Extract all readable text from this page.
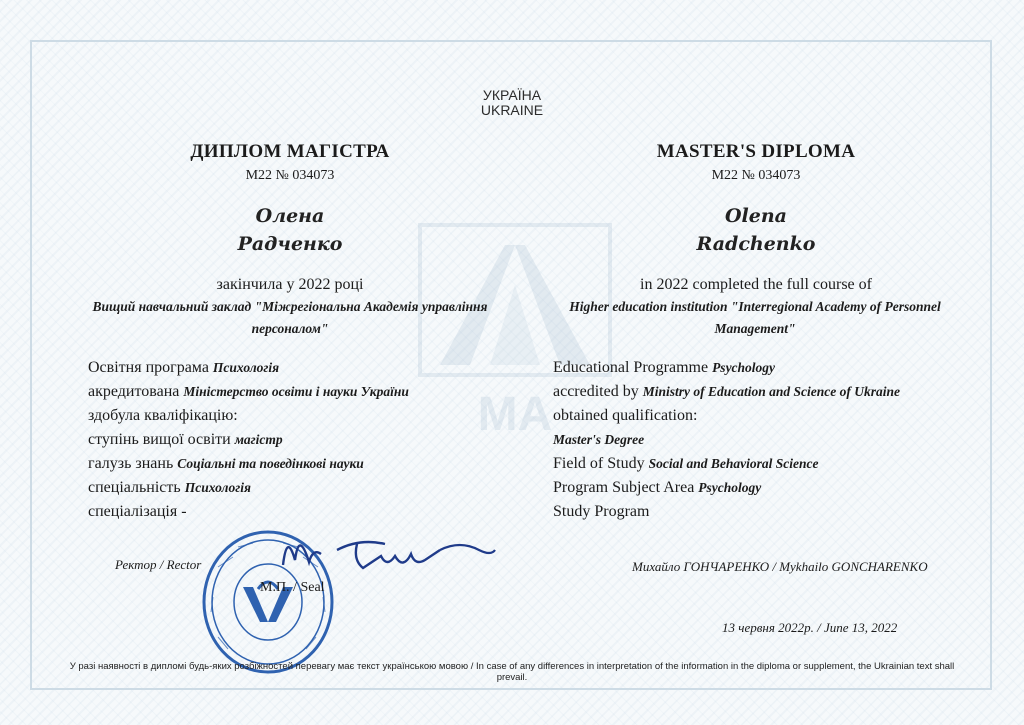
MA

УКРАЇНА

UKRAINE

ДИПЛОМ МАГІСТРА

М22 № 034073

Олена

Радченко

закінчила у 2022 році

Вищий навчальний заклад "Міжрегіональна Академія управління

персоналом"

Освітня програма Психологія
акредитована Міністерство освіти і науки України
здобула кваліфікацію:
ступінь вищої освіти магістр
галузь знань Соціальні та поведінкові науки
спеціальність Психологія
спеціалізація -

Ректор / Rector

М.П. / Seal

MASTER'S DIPLOMA

M22 № 034073

Olena

Radchenko

in 2022 completed the full course of

Higher education institution "Interregional Academy of Personnel

Management"

Educational Programme Psychology
accredited by Ministry of Education and Science of Ukraine
obtained qualification:
Master's Degree
Field of Study Social and Behavioral Science
Program Subject Area Psychology
Study Program

Михайло ГОНЧАРЕНКО / Mykhailo GONCHARENKO

13 червня 2022р. / June 13, 2022

У разі наявності в дипломі будь-яких розбіжностей перевагу має текст українською мовою / In case of any differences in interpretation of the information in the diploma or supplement, the Ukrainian text shall

prevail.
